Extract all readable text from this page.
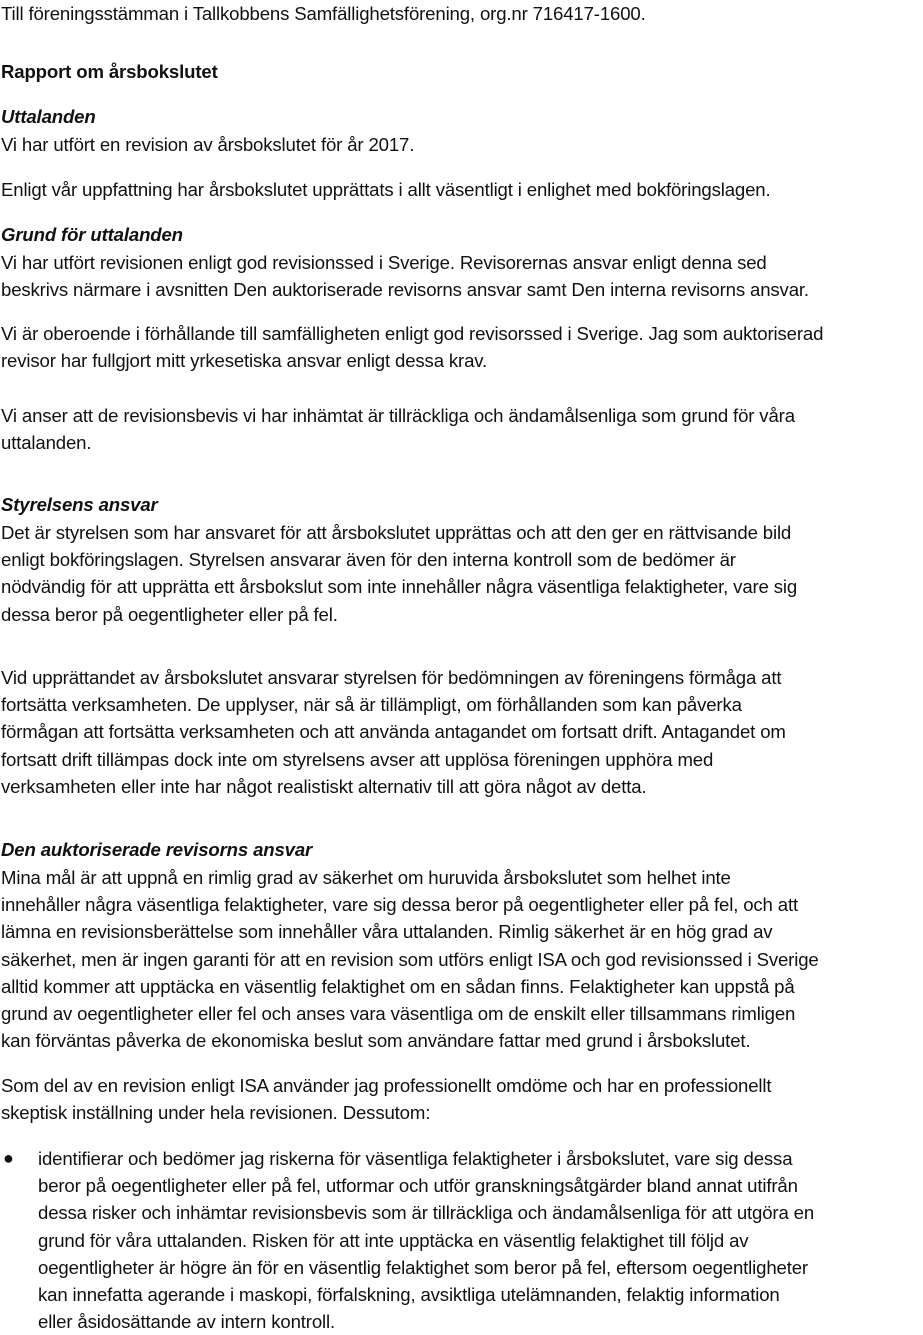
Till föreningsstämman i Tallkobbens Samfällighetsförening, org.nr 716417-1600.
Rapport om årsbokslutet
Uttalanden
Vi har utfört en revision av årsbokslutet för år 2017.
Enligt vår uppfattning har årsbokslutet upprättats i allt väsentligt i enlighet med bokföringslagen.
Grund för uttalanden
Vi har utfört revisionen enligt god revisionssed i Sverige. Revisorernas ansvar enligt denna sed
beskrivs närmare i avsnitten Den auktoriserade revisorns ansvar samt Den interna revisorns ansvar.
Vi är oberoende i förhållande till samfälligheten enligt god revisorssed i Sverige. Jag som auktoriserad
revisor har fullgjort mitt yrkesetiska ansvar enligt dessa krav.
Vi anser att de revisionsbevis vi har inhämtat är tillräckliga och ändamålsenliga som grund för våra
uttalanden.
Styrelsens ansvar
Det är styrelsen som har ansvaret för att årsbokslutet upprättas och att den ger en rättvisande bild
enligt bokföringslagen. Styrelsen ansvarar även för den interna kontroll som de bedömer är
nödvändig för att upprätta ett årsbokslut som inte innehåller några väsentliga felaktigheter, vare sig
dessa beror på oegentligheter eller på fel.
Vid upprättandet av årsbokslutet ansvarar styrelsen för bedömningen av föreningens förmåga att
fortsätta verksamheten. De upplyser, när så är tillämpligt, om förhållanden som kan påverka
förmågan att fortsätta verksamheten och att använda antagandet om fortsatt drift. Antagandet om
fortsatt drift tillämpas dock inte om styrelsens avser att upplösa föreningen upphöra med
verksamheten eller inte har något realistiskt alternativ till att göra något av detta.
Den auktoriserade revisorns ansvar
Mina mål är att uppnå en rimlig grad av säkerhet om huruvida årsbokslutet som helhet inte
innehåller några väsentliga felaktigheter, vare sig dessa beror på oegentligheter eller på fel, och att
lämna en revisionsberättelse som innehåller våra uttalanden. Rimlig säkerhet är en hög grad av
säkerhet, men är ingen garanti för att en revision som utförs enligt ISA och god revisionssed i Sverige
alltid kommer att upptäcka en väsentlig felaktighet om en sådan finns. Felaktigheter kan uppstå på
grund av oegentligheter eller fel och anses vara väsentliga om de enskilt eller tillsammans rimligen
kan förväntas påverka de ekonomiska beslut som användare fattar med grund i årsbokslutet.
Som del av en revision enligt ISA använder jag professionellt omdöme och har en professionellt
skeptisk inställning under hela revisionen. Dessutom:
● identifierar och bedömer jag riskerna för väsentliga felaktigheter i årsbokslutet, vare sig dessa
beror på oegentligheter eller på fel, utformar och utför granskningsåtgärder bland annat utifrån
dessa risker och inhämtar revisionsbevis som är tillräckliga och ändamålsenliga för att utgöra en
grund för våra uttalanden. Risken för att inte upptäcka en väsentlig felaktighet till följd av
oegentligheter är högre än för en väsentlig felaktighet som beror på fel, eftersom oegentligheter
kan innefatta agerande i maskopi, förfalskning, avsiktliga utelämnanden, felaktig information
eller åsidosättande av intern kontroll.
